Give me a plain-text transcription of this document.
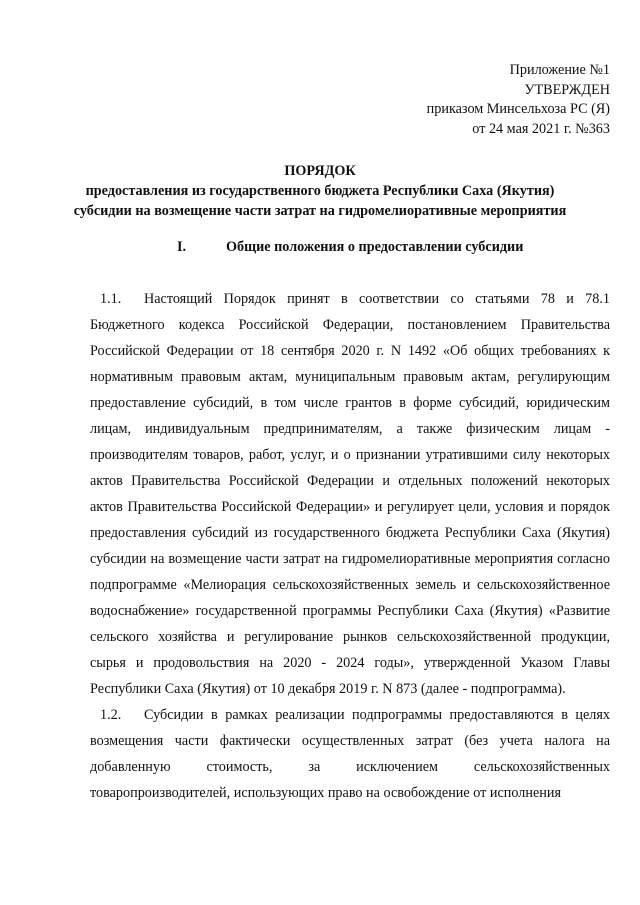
Приложение №1
УТВЕРЖДЕН
приказом Минсельхоза РС (Я)
от 24 мая 2021 г. №363
ПОРЯДОК
предоставления из государственного бюджета Республики Саха (Якутия)
субсидии на возмещение части затрат на гидромелиоративные мероприятия
I.	Общие положения о предоставлении субсидии

1.1. Настоящий Порядок принят в соответствии со статьями 78 и 78.1 Бюджетного кодекса Российской Федерации, постановлением Правительства Российской Федерации от 18 сентября 2020 г. N 1492 «Об общих требованиях к нормативным правовым актам, муниципальным правовым актам, регулирующим предоставление субсидий, в том числе грантов в форме субсидий, юридическим лицам, индивидуальным предпринимателям, а также физическим лицам - производителям товаров, работ, услуг, и о признании утратившими силу некоторых актов Правительства Российской Федерации и отдельных положений некоторых актов Правительства Российской Федерации» и регулирует цели, условия и порядок предоставления субсидий из государственного бюджета Республики Саха (Якутия) субсидии на возмещение части затрат на гидромелиоративные мероприятия согласно подпрограмме «Мелиорация сельскохозяйственных земель и сельскохозяйственное водоснабжение» государственной программы Республики Саха (Якутия) «Развитие сельского хозяйства и регулирование рынков сельскохозяйственной продукции, сырья и продовольствия на 2020 - 2024 годы», утвержденной Указом Главы Республики Саха (Якутия) от 10 декабря 2019 г. N 873 (далее - подпрограмма).

1.2. Субсидии в рамках реализации подпрограммы предоставляются в целях возмещения части фактически осуществленных затрат (без учета налога на добавленную стоимость, за исключением сельскохозяйственных товаропроизводителей, использующих право на освобождение от исполнения
